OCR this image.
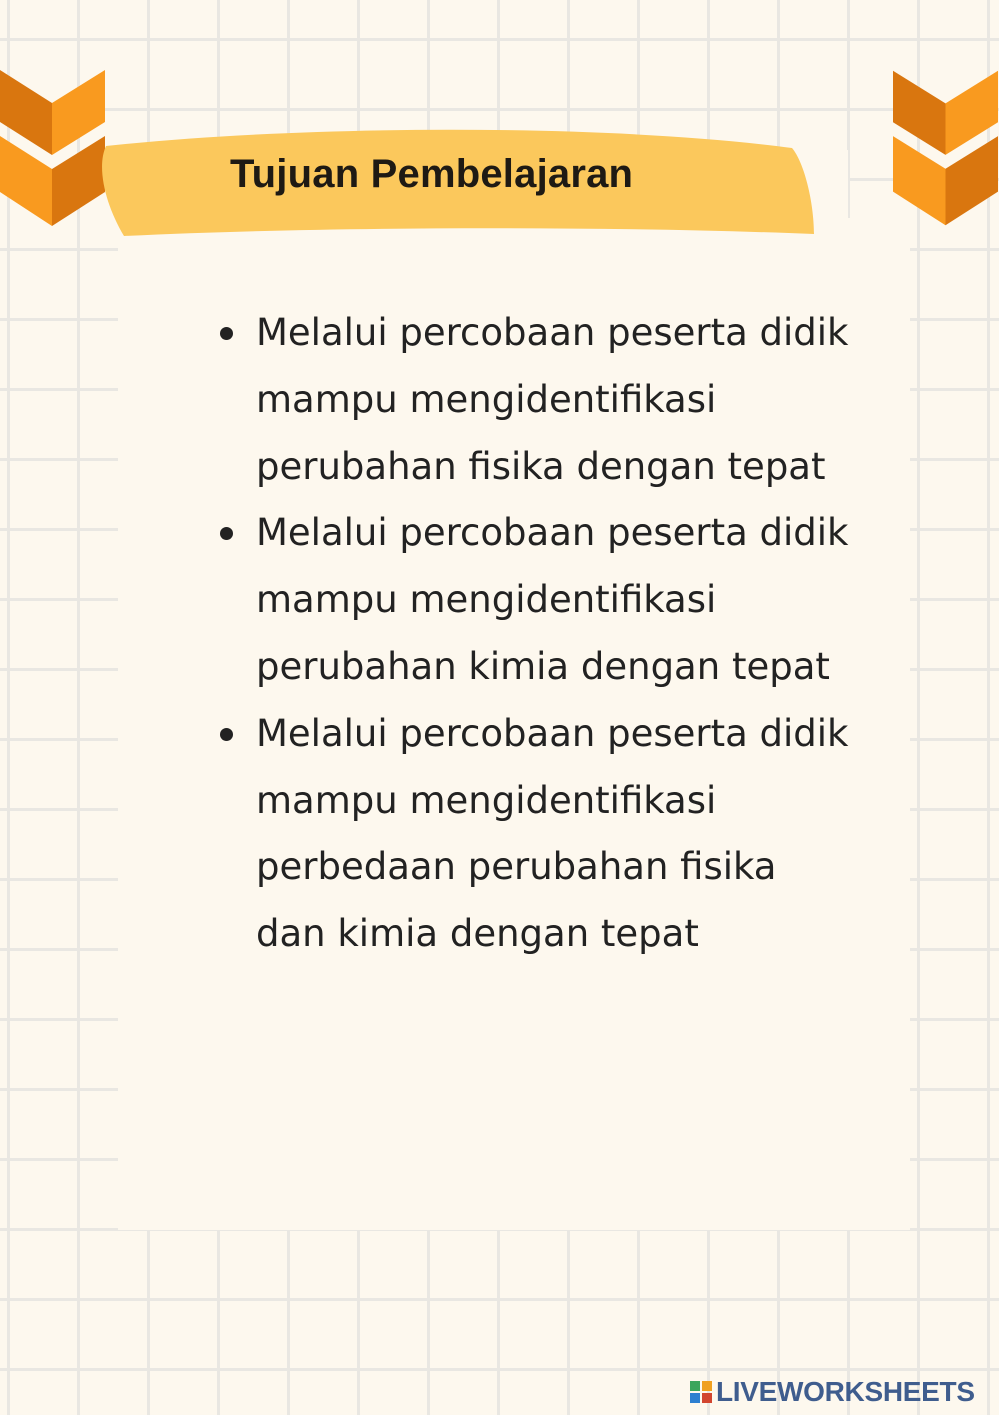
Tujuan Pembelajaran
Melalui percobaan peserta didik mampu mengidentifikasi perubahan fisika dengan tepat
Melalui percobaan peserta didik mampu mengidentifikasi perubahan kimia dengan tepat
Melalui percobaan peserta didik mampu mengidentifikasi perbedaan perubahan fisika dan kimia dengan tepat
LIVEWORKSHEETS
